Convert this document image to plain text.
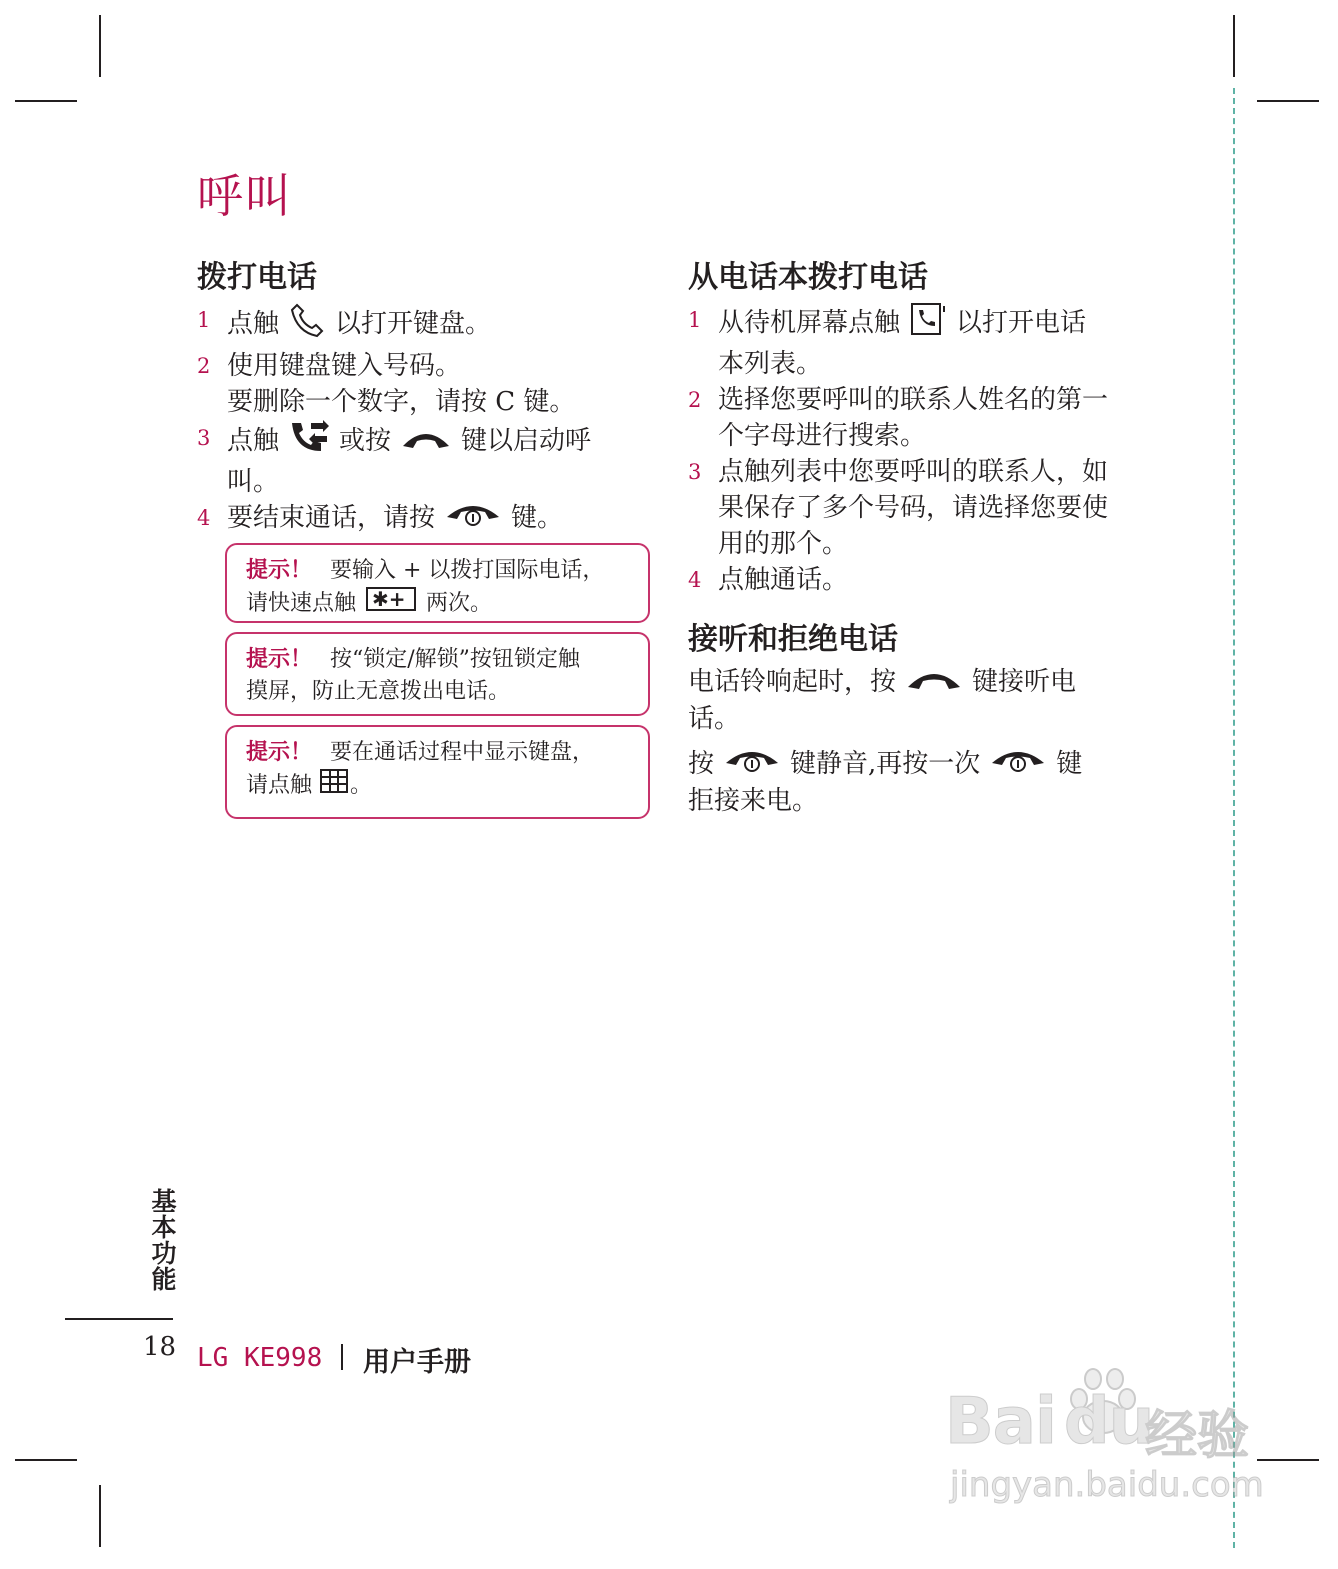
呼叫
拨打电话
1 点触 以打开键盘。
2 使用键盘键入号码。
要删除一个数字，请按 C 键。
3 点触 或按	键以启动呼
叫。
4 要结束通话，请按	键。
提示！ 要输入 + 以拨打国际电话，
请快速点触 ✱+ 两次。
提示！ 按“锁定/解锁”按钮锁定触
摸屏，防止无意拨出电话。
提示！ 要在通话过程中显示键盘，
请点触 。
从电话本拨打电话
1 从待机屏幕点触 以打开电话
本列表。
2 选择您要呼叫的联系人姓名的第一
个字母进行搜索。
3 点触列表中您要呼叫的联系人，如
果保存了多个号码，请选择您要使
用的那个。
4 点触通话。
接听和拒绝电话

电话铃响起时，按	键接听电
话。

按	键静音,再按一次	键
拒接来电。

基本功能
18 LG KE998 用户手册
Bai du
经验
jingyan.baidu.com
